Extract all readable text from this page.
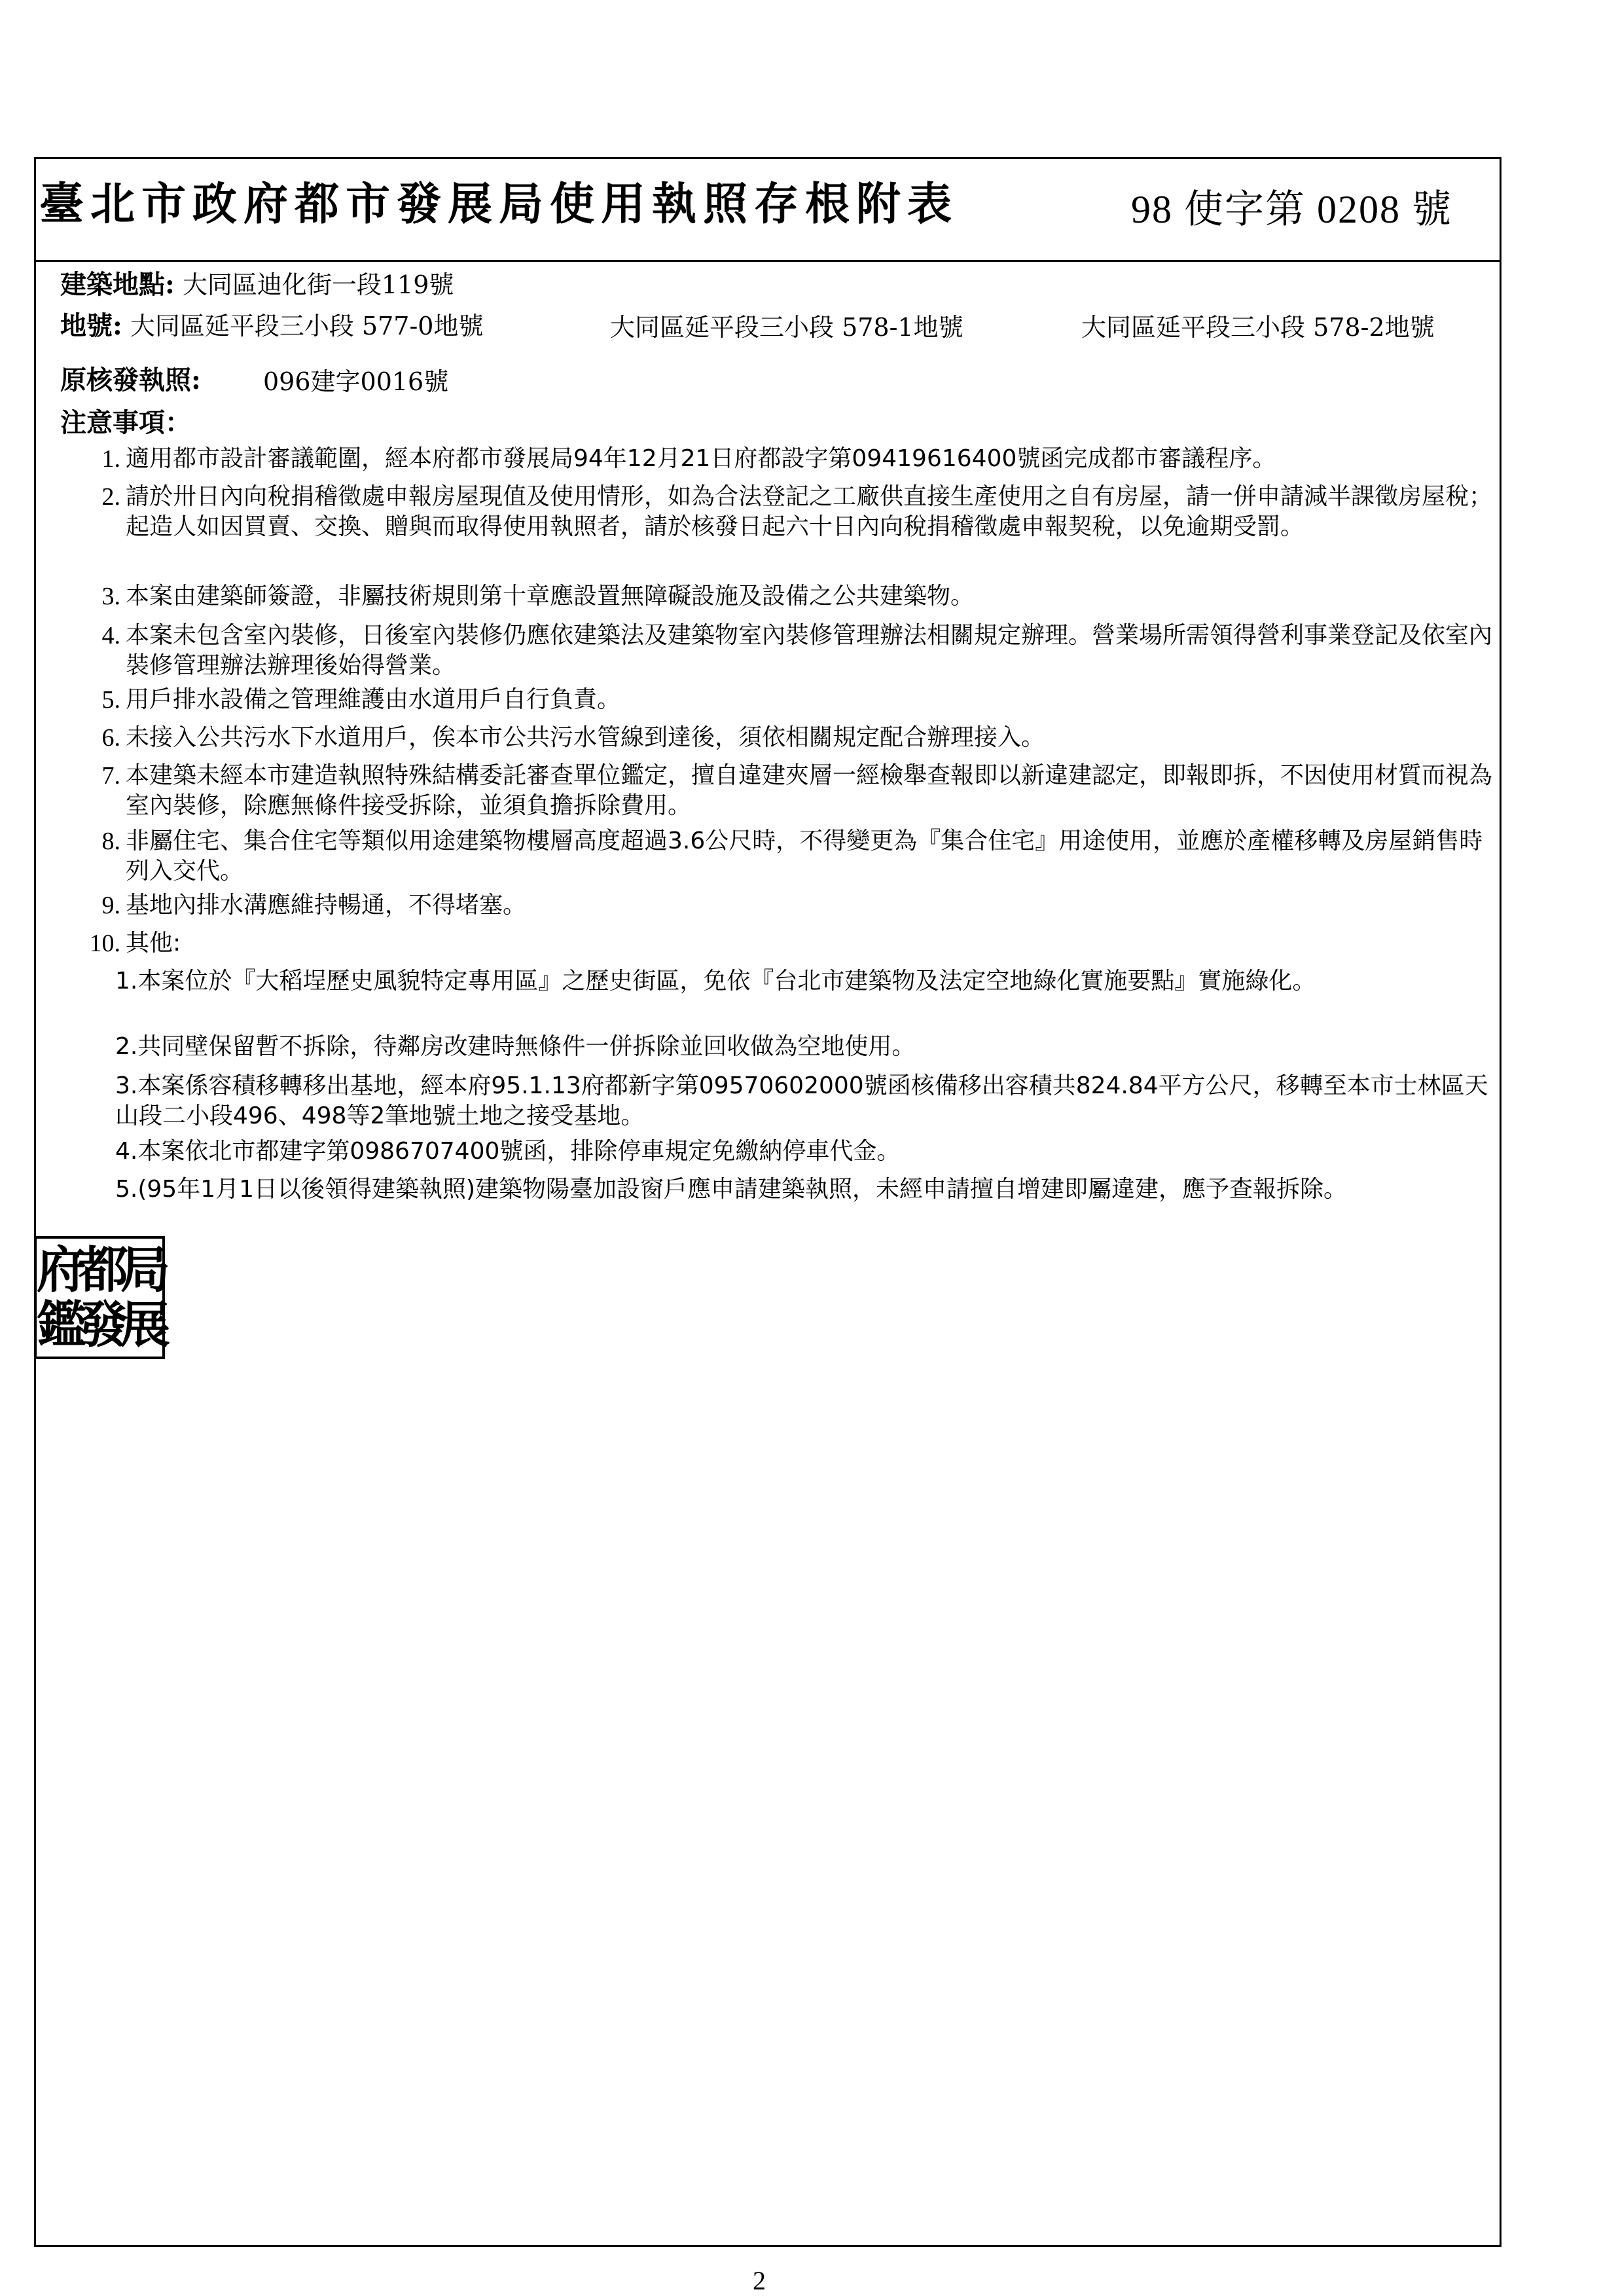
臺北市政府都市發展局使用執照存根附表	98 使字第 0208 號
建築地點: 大同區迪化街一段119號
地號: 大同區延平段三小段 577-0地號	大同區延平段三小段 578-1地號	大同區延平段三小段 578-2地號
原核發執照:	096建字0016號
注意事項：
1. 適用都市設計審議範圍，經本府都市發展局94年12月21日府都設字第09419616400號函完成都市審議程序。
2. 請於卅日內向稅捐稽徵處申報房屋現值及使用情形，如為合法登記之工廠供直接生產使用之自有房屋，請一併申請減半課徵房屋稅；起造人如因買賣、交換、贈與而取得使用執照者，請於核發日起六十日內向稅捐稽徵處申報契稅，以免逾期受罰。
3. 本案由建築師簽證，非屬技術規則第十章應設置無障礙設施及設備之公共建築物。
4. 本案未包含室內裝修，日後室內裝修仍應依建築法及建築物室內裝修管理辦法相關規定辦理。營業場所需領得營利事業登記及依室內裝修管理辦法辦理後始得營業。
5. 用戶排水設備之管理維護由水道用戶自行負責。
6. 未接入公共污水下水道用戶，俟本市公共污水管線到達後，須依相關規定配合辦理接入。
7. 本建築未經本市建造執照特殊結構委託審查單位鑑定，擅自違建夾層一經檢舉查報即以新違建認定，即報即拆，不因使用材質而視為室內裝修，除應無條件接受拆除，並須負擔拆除費用。
8. 非屬住宅、集合住宅等類似用途建築物樓層高度超過3.6公尺時，不得變更為『集合住宅』用途使用，並應於產權移轉及房屋銷售時列入交代。
9. 基地內排水溝應維持暢通，不得堵塞。
10. 其他:
1.本案位於『大稻埕歷史風貌特定專用區』之歷史街區，免依『台北市建築物及法定空地綠化實施要點』實施綠化。
2.共同壁保留暫不拆除，待鄰房改建時無條件一併拆除並回收做為空地使用。
3.本案係容積移轉移出基地，經本府95.1.13府都新字第09570602000號函核備移出容積共824.84平方公尺，移轉至本市士林區天山段二小段496、498等2筆地號土地之接受基地。
4.本案依北市都建字第0986707400號函，排除停車規定免繳納停車代金。
5.(95年1月1日以後領得建築執照)建築物陽臺加設窗戶應申請建築執照，未經申請擅自增建即屬違建，應予查報拆除。
府
都
局
鑑
發
展
2
